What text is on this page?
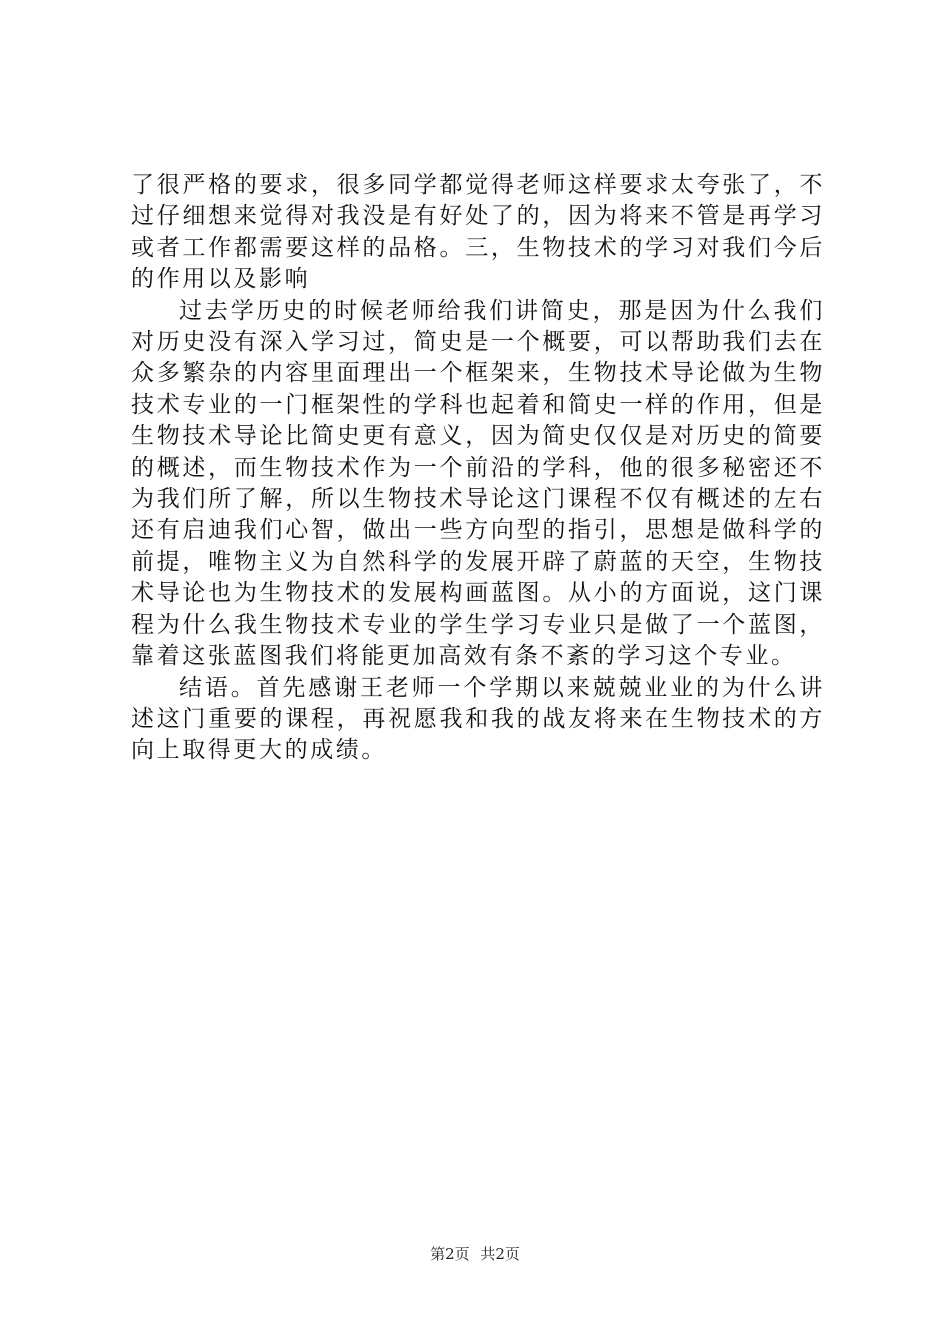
了很严格的要求，很多同学都觉得老师这样要求太夸张了，不过仔细想来觉得对我没是有好处了的，因为将来不管是再学习或者工作都需要这样的品格。三，生物技术的学习对我们今后的作用以及影响

过去学历史的时候老师给我们讲简史，那是因为什么我们对历史没有深入学习过，简史是一个概要，可以帮助我们去在众多繁杂的内容里面理出一个框架来，生物技术导论做为生物技术专业的一门框架性的学科也起着和简史一样的作用，但是生物技术导论比简史更有意义，因为简史仅仅是对历史的简要的概述，而生物技术作为一个前沿的学科，他的很多秘密还不为我们所了解，所以生物技术导论这门课程不仅有概述的左右还有启迪我们心智，做出一些方向型的指引，思想是做科学的前提，唯物主义为自然科学的发展开辟了蔚蓝的天空，生物技术导论也为生物技术的发展构画蓝图。从小的方面说，这门课程为什么我生物技术专业的学生学习专业只是做了一个蓝图，靠着这张蓝图我们将能更加高效有条不紊的学习这个专业。

结语。首先感谢王老师一个学期以来兢兢业业的为什么讲述这门重要的课程，再祝愿我和我的战友将来在生物技术的方向上取得更大的成绩。

第2页 共2页
